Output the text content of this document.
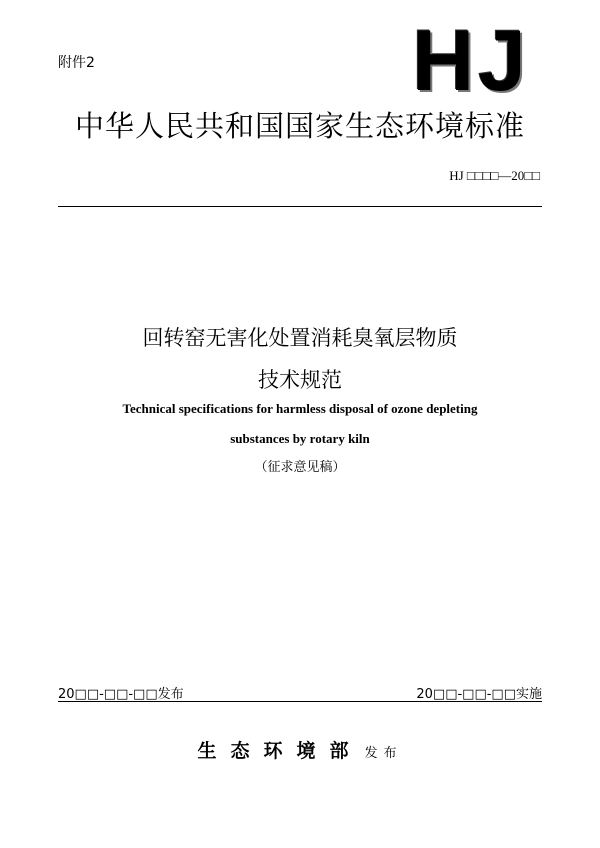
附件2	HJ
中华人民共和国国家生态环境标准
HJ □□□□—20□□
回转窑无害化处置消耗臭氧层物质
技术规范
Technical specifications for harmless disposal of ozone depleting
substances by rotary kiln
（征求意见稿）
20□□-□□-□□发布	20□□-□□-□□实施
生态环境部 发布
